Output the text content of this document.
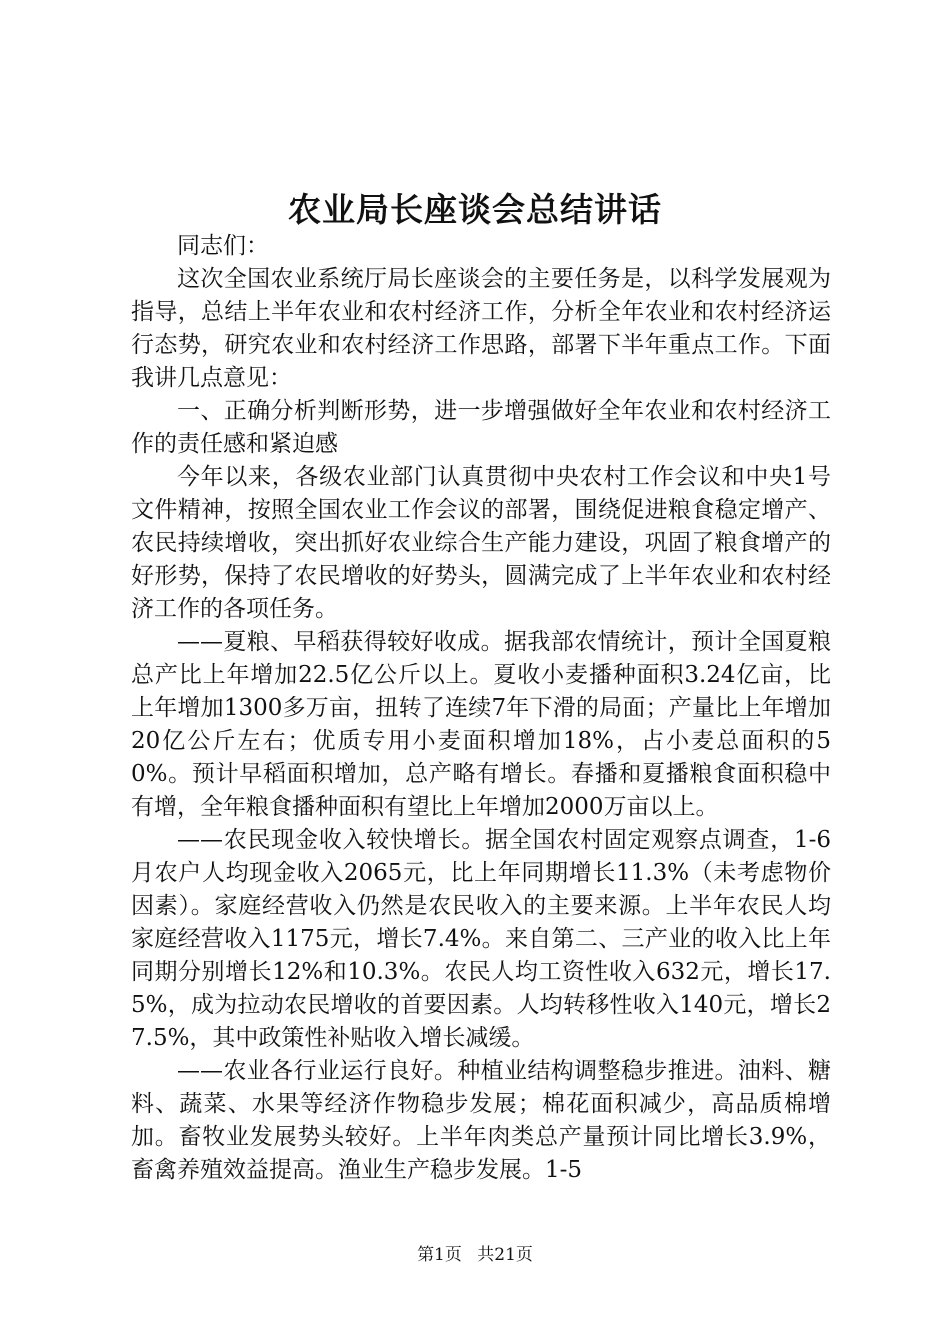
农业局长座谈会总结讲话

同志们：

这次全国农业系统厅局长座谈会的主要任务是，以科学发展观为指导，总结上半年农业和农村经济工作，分析全年农业和农村经济运行态势，研究农业和农村经济工作思路，部署下半年重点工作。下面我讲几点意见：

一、正确分析判断形势，进一步增强做好全年农业和农村经济工作的责任感和紧迫感

今年以来，各级农业部门认真贯彻中央农村工作会议和中央1号文件精神，按照全国农业工作会议的部署，围绕促进粮食稳定增产、农民持续增收，突出抓好农业综合生产能力建设，巩固了粮食增产的好形势，保持了农民增收的好势头，圆满完成了上半年农业和农村经济工作的各项任务。

——夏粮、早稻获得较好收成。据我部农情统计，预计全国夏粮总产比上年增加22.5亿公斤以上。夏收小麦播种面积3.24亿亩，比上年增加1300多万亩，扭转了连续7年下滑的局面；产量比上年增加20亿公斤左右；优质专用小麦面积增加18%，占小麦总面积的50%。预计早稻面积增加，总产略有增长。春播和夏播粮食面积稳中有增，全年粮食播种面积有望比上年增加2000万亩以上。

——农民现金收入较快增长。据全国农村固定观察点调查，1-6月农户人均现金收入2065元，比上年同期增长11.3%（未考虑物价因素）。家庭经营收入仍然是农民收入的主要来源。上半年农民人均家庭经营收入1175元，增长7.4%。来自第二、三产业的收入比上年同期分别增长12%和10.3%。农民人均工资性收入632元，增长17.5%，成为拉动农民增收的首要因素。人均转移性收入140元，增长27.5%，其中政策性补贴收入增长减缓。

——农业各行业运行良好。种植业结构调整稳步推进。油料、糖料、蔬菜、水果等经济作物稳步发展；棉花面积减少，高品质棉增加。畜牧业发展势头较好。上半年肉类总产量预计同比增长3.9%，畜禽养殖效益提高。渔业生产稳步发展。1-5

第1页 共21页
